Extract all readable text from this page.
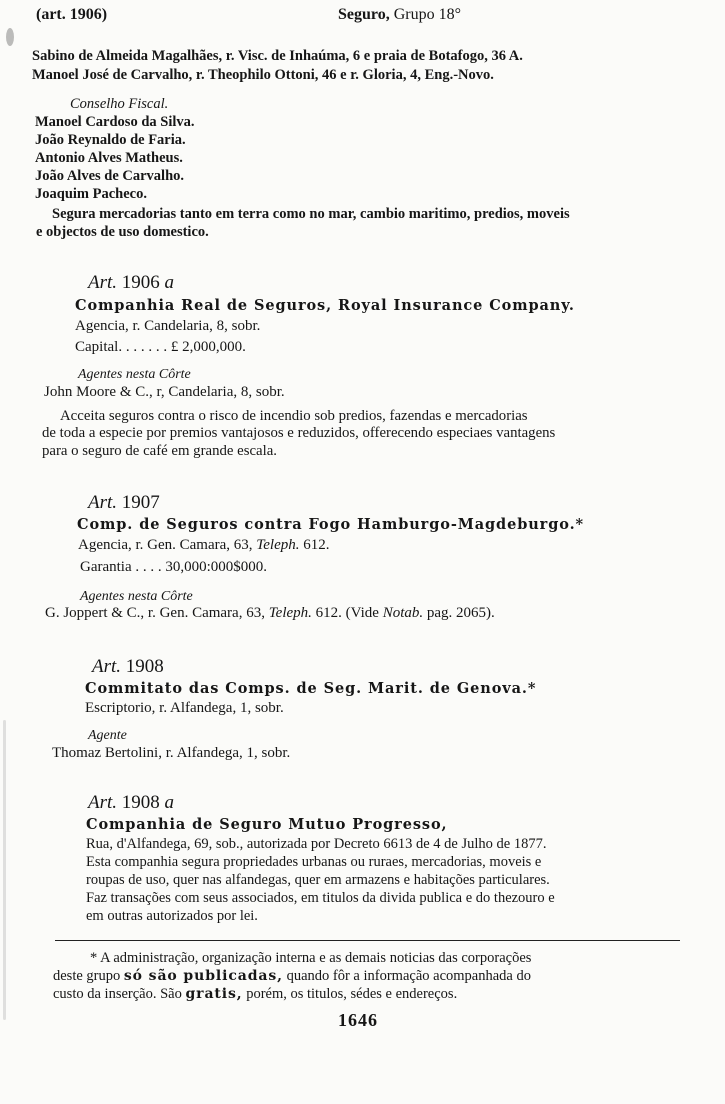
(art. 1906)	Seguro, Grupo 18°
Sabino de Almeida Magalhães, r. Visc. de Inhaúma, 6 e praia de Botafogo, 36 A.
Manoel José de Carvalho, r. Theophilo Ottoni, 46 e r. Gloria, 4, Eng.-Novo.
Conselho Fiscal.
Manoel Cardoso da Silva.
João Reynaldo de Faria.
Antonio Alves Matheus.
João Alves de Carvalho.
Joaquim Pacheco.
Segura mercadorias tanto em terra como no mar, cambio maritimo, predios, moveis
e objectos de uso domestico.
Art. 1906 a
Companhia Real de Seguros, Royal Insurance Company.
Agencia, r. Candelaria, 8, sobr.
Capital. . . . . . . £ 2,000,000.
Agentes nesta Côrte
John Moore & C., r, Candelaria, 8, sobr.
Acceita seguros contra o risco de incendio sob predios, fazendas e mercadorias
de toda a especie por premios vantajosos e reduzidos, offerecendo especiaes vantagens
para o seguro de café em grande escala.
Art. 1907
Comp. de Seguros contra Fogo Hamburgo-Magdeburgo.*
Agencia, r. Gen. Camara, 63, Teleph. 612.
Garantia . . . . 30,000:000$000.
Agentes nesta Côrte
G. Joppert & C., r. Gen. Camara, 63, Teleph. 612. (Vide Notab. pag. 2065).
Art. 1908
Commitato das Comps. de Seg. Marit. de Genova.*
Escriptorio, r. Alfandega, 1, sobr.
Agente
Thomaz Bertolini, r. Alfandega, 1, sobr.
Art. 1908 a
Companhia de Seguro Mutuo Progresso,
Rua, d'Alfandega, 69, sob., autorizada por Decreto 6613 de 4 de Julho de 1877.
Esta companhia segura propriedades urbanas ou ruraes, mercadorias, moveis e
roupas de uso, quer nas alfandegas, quer em armazens e habitações particulares.
Faz transações com seus associados, em titulos da divida publica e do thezouro e
em outras autorizados por lei.
* A administração, organização interna e as demais noticias das corporações
deste grupo só são publicadas, quando fôr a informação acompanhada do
custo da inserção. São gratis, porém, os titulos, sédes e endereços.
1646
